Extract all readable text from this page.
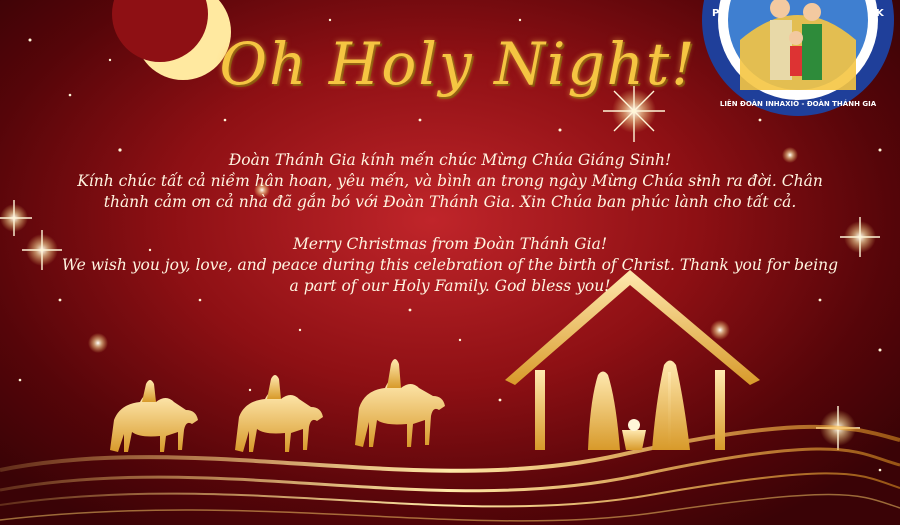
PH	K
LIÊN ĐOÀN INHAXIÔ - ĐOÀN THÁNH GIA
Oh Holy Night!

Đoàn Thánh Gia kính mến chúc Mừng Chúa Giáng Sinh!

Kính chúc tất cả niềm hân hoan, yêu mến, và bình an trong ngày Mừng Chúa sinh ra đời. Chân

thành cảm ơn cả nhà đã gắn bó với Đoàn Thánh Gia. Xin Chúa ban phúc lành cho tất cả.

Merry Christmas from Đoàn Thánh Gia!

We wish you joy, love, and peace during this celebration of the birth of Christ. Thank you for being

a part of our Holy Family. God bless you!
